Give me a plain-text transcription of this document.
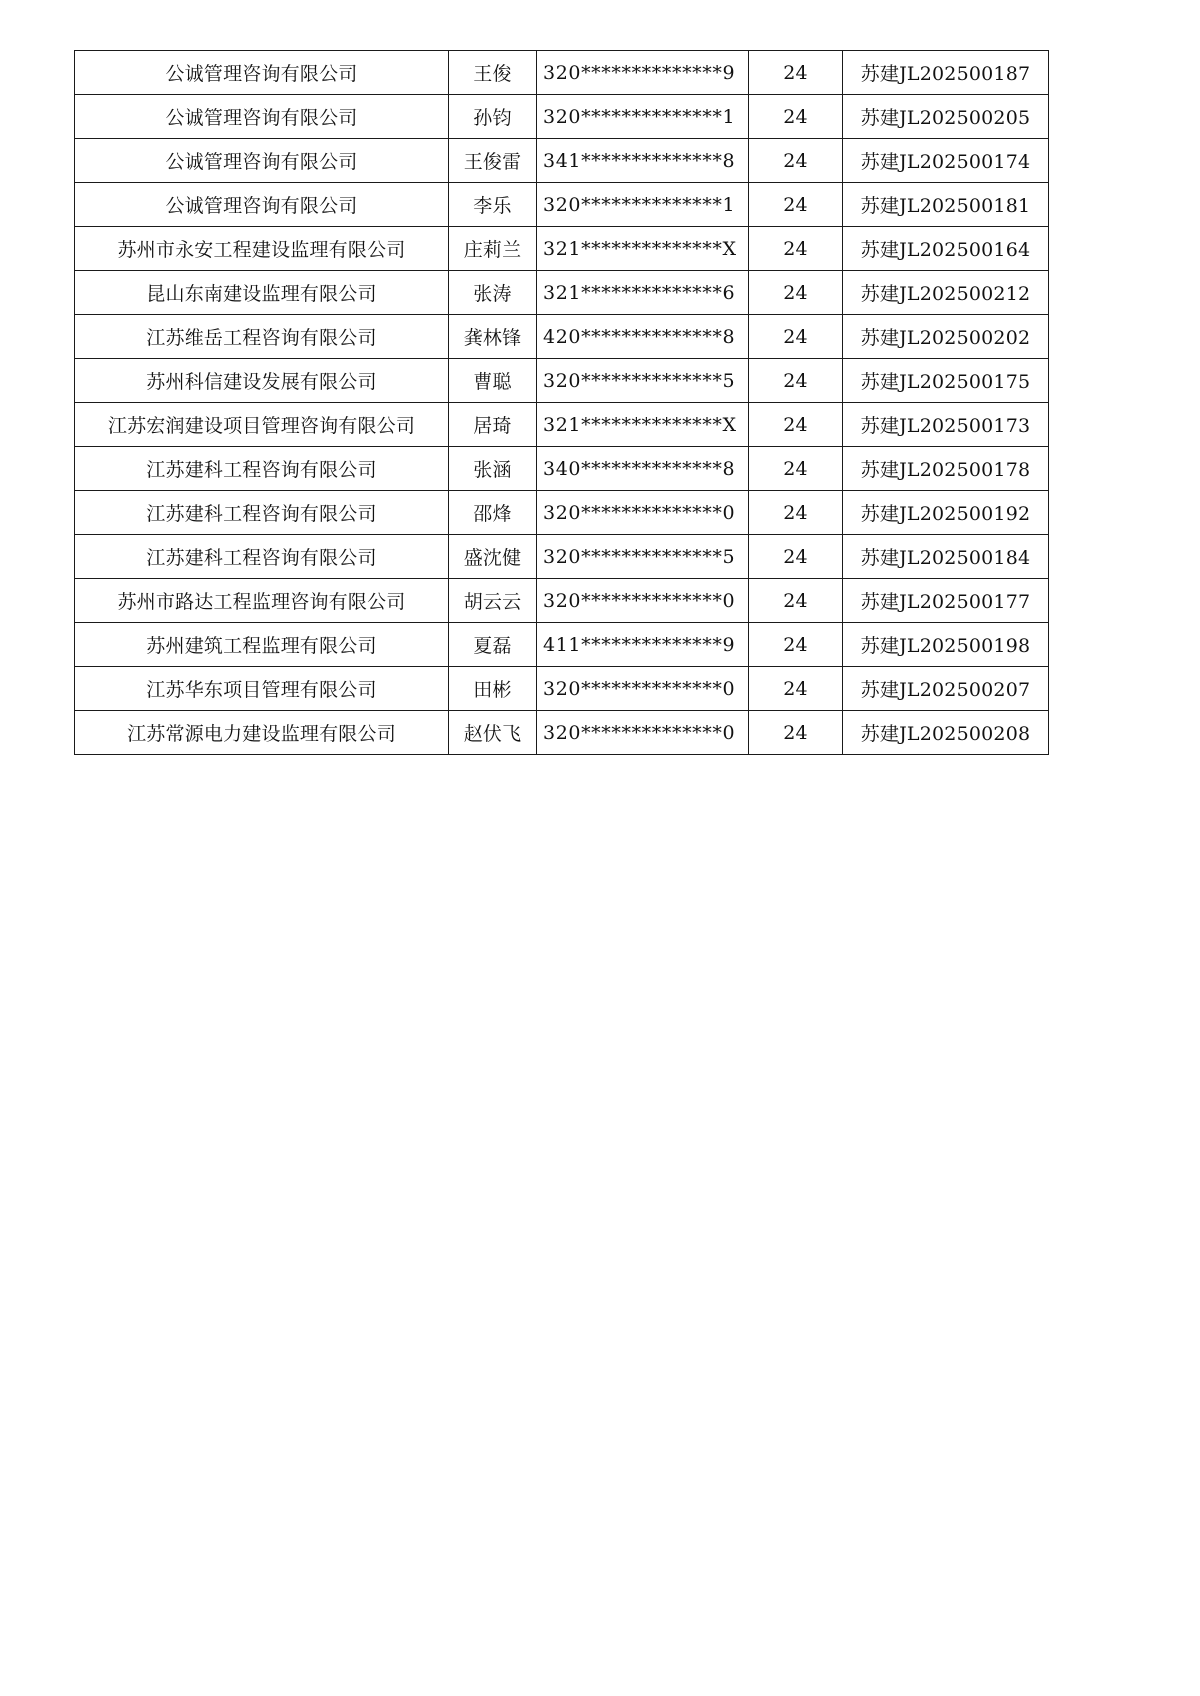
公诚管理咨询有限公司	王俊	320**************9	24	苏建JL202500187
公诚管理咨询有限公司	孙钧	320**************1	24	苏建JL202500205
公诚管理咨询有限公司	王俊雷	341**************8	24	苏建JL202500174
公诚管理咨询有限公司	李乐	320**************1	24	苏建JL202500181
苏州市永安工程建设监理有限公司	庄莉兰	321**************X	24	苏建JL202500164
昆山东南建设监理有限公司	张涛	321**************6	24	苏建JL202500212
江苏维岳工程咨询有限公司	龚林锋	420**************8	24	苏建JL202500202
苏州科信建设发展有限公司	曹聪	320**************5	24	苏建JL202500175
江苏宏润建设项目管理咨询有限公司	居琦	321**************X	24	苏建JL202500173
江苏建科工程咨询有限公司	张涵	340**************8	24	苏建JL202500178
江苏建科工程咨询有限公司	邵烽	320**************0	24	苏建JL202500192
江苏建科工程咨询有限公司	盛沈健	320**************5	24	苏建JL202500184
苏州市路达工程监理咨询有限公司	胡云云	320**************0	24	苏建JL202500177
苏州建筑工程监理有限公司	夏磊	411**************9	24	苏建JL202500198
江苏华东项目管理有限公司	田彬	320**************0	24	苏建JL202500207
江苏常源电力建设监理有限公司	赵伏飞	320**************0	24	苏建JL202500208
